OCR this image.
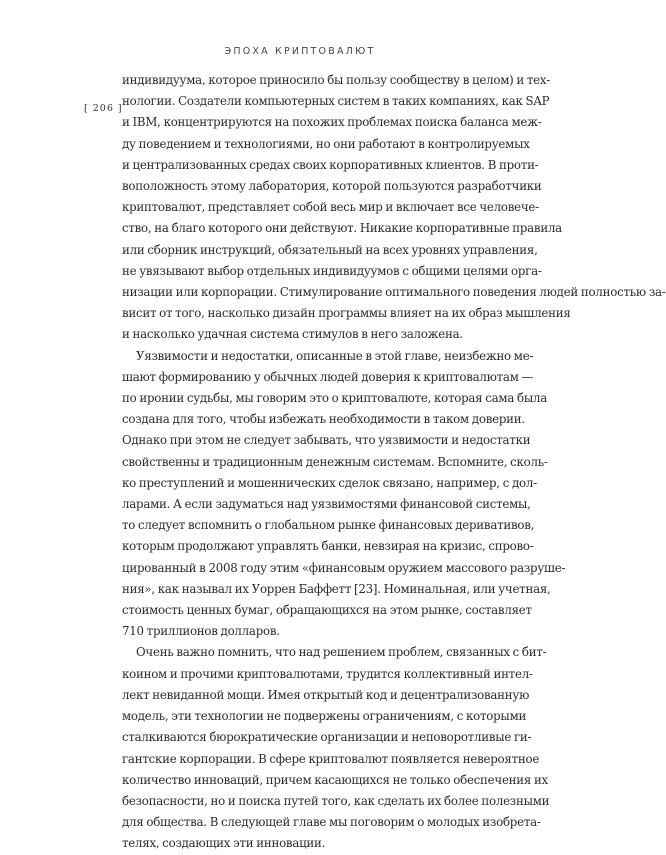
ЭПОХА КРИПТОВАЛЮТ
[ 206 ]

индивидуума, которое приносило бы пользу сообществу в целом) и тех-
нологии. Создатели компьютерных систем в таких компаниях, как SAP
и IBM, концентрируются на похожих проблемах поиска баланса меж-
ду поведением и технологиями, но они работают в контролируемых
и централизованных средах своих корпоративных клиентов. В проти-
воположность этому лаборатория, которой пользуются разработчики
криптовалют, представляет собой весь мир и включает все человече-
ство, на благо которого они действуют. Никакие корпоративные правила
или сборник инструкций, обязательный на всех уровнях управления,
не увязывают выбор отдельных индивидуумов с общими целями орга-
низации или корпорации. Стимулирование оптимального поведения людей полностью за-
висит от того, насколько дизайн программы влияет на их образ мышления
и насколько удачная система стимулов в него заложена.

Уязвимости и недостатки, описанные в этой главе, неизбежно ме-
шают формированию у обычных людей доверия к криптовалютам —
по иронии судьбы, мы говорим это о криптовалюте, которая сама была
создана для того, чтобы избежать необходимости в таком доверии.
Однако при этом не следует забывать, что уязвимости и недостатки
свойственны и традиционным денежным системам. Вспомните, сколь-
ко преступлений и мошеннических сделок связано, например, с дол-
ларами. А если задуматься над уязвимостями финансовой системы,
то следует вспомнить о глобальном рынке финансовых деривативов,
которым продолжают управлять банки, невзирая на кризис, спрово-
цированный в 2008 году этим «финансовым оружием массового разруше-
ния», как называл их Уоррен Баффетт [23]. Номинальная, или учетная,
стоимость ценных бумаг, обращающихся на этом рынке, составляет
710 триллионов долларов.

Очень важно помнить, что над решением проблем, связанных с бит-
коином и прочими криптовалютами, трудится коллективный интел-
лект невиданной мощи. Имея открытый код и децентрализованную
модель, эти технологии не подвержены ограничениям, с которыми
сталкиваются бюрократические организации и неповоротливые ги-
гантские корпорации. В сфере криптовалют появляется невероятное
количество инноваций, причем касающихся не только обеспечения их
безопасности, но и поиска путей того, как сделать их более полезными
для общества. В следующей главе мы поговорим о молодых изобрета-
телях, создающих эти инновации.
